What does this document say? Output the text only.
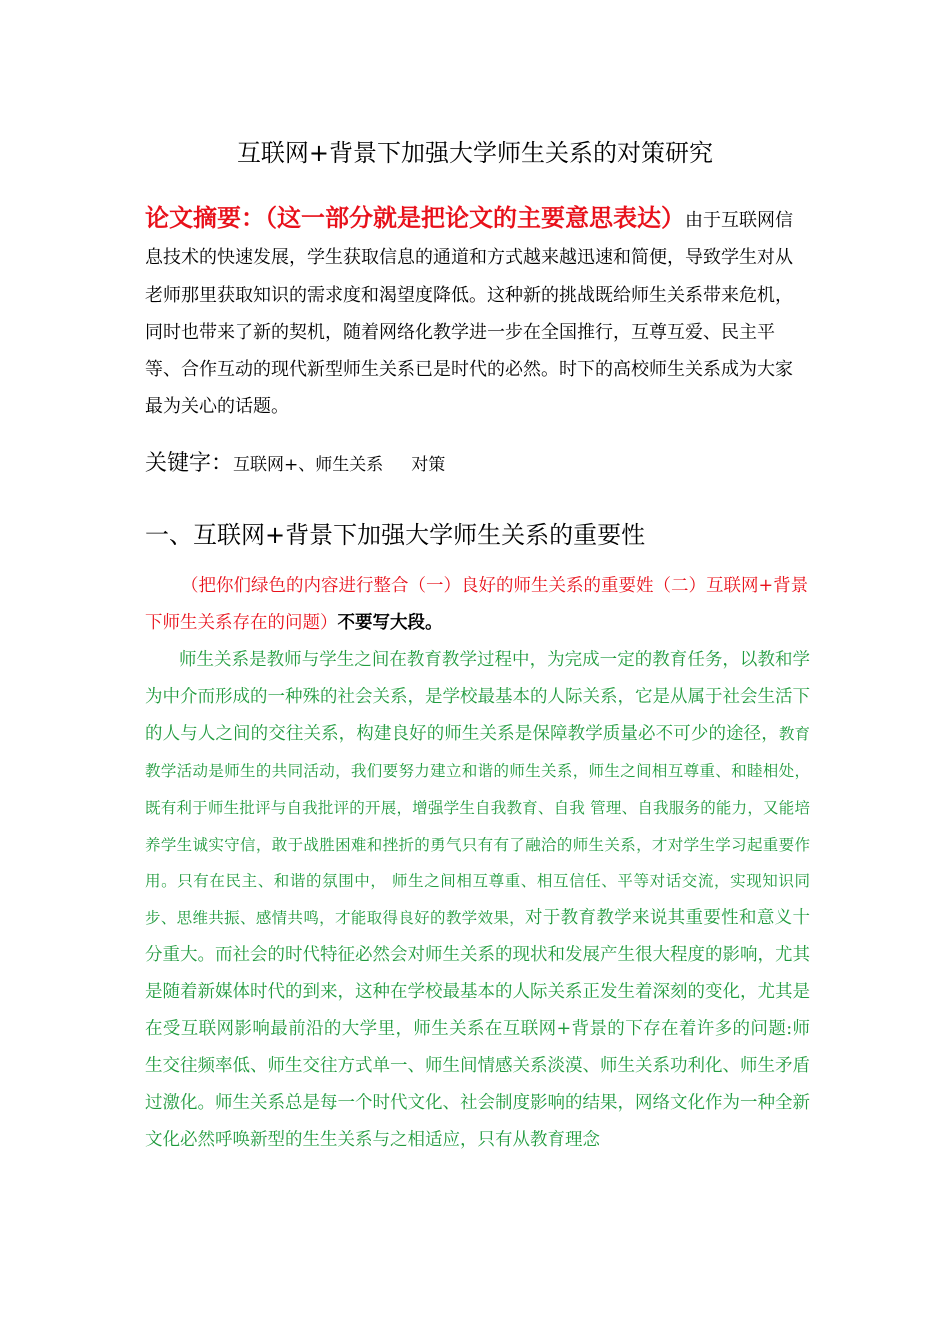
互联网+背景下加强大学师生关系的对策研究
论文摘要：（这一部分就是把论文的主要意思表达）由于互联网信息技术的快速发展，学生获取信息的通道和方式越来越迅速和简便，导致学生对从老师那里获取知识的需求度和渴望度降低。这种新的挑战既给师生关系带来危机，同时也带来了新的契机，随着网络化教学进一步在全国推行，互尊互爱、民主平等、合作互动的现代新型师生关系已是时代的必然。时下的高校师生关系成为大家最为关心的话题。
关键字：互联网+、师生关系 对策
一、互联网+背景下加强大学师生关系的重要性
（把你们绿色的内容进行整合（一）良好的师生关系的重要姓（二）互联网+背景下师生关系存在的问题）不要写大段。
师生关系是教师与学生之间在教育教学过程中，为完成一定的教育任务，以教和学为中介而形成的一种殊的社会关系，是学校最基本的人际关系，它是从属于社会生活下的人与人之间的交往关系，构建良好的师生关系是保障教学质量必不可少的途径，教育教学活动是师生的共同活动，我们要努力建立和谐的师生关系，师生之间相互尊重、和睦相处，既有利于师生批评与自我批评的开展，增强学生自我教育、自我 管理、自我服务的能力，又能培养学生诚实守信，敢于战胜困难和挫折的勇气只有有了融洽的师生关系，才对学生学习起重要作用。只有在民主、和谐的氛围中， 师生之间相互尊重、相互信任、平等对话交流，实现知识同步、思维共振、感情共鸣，才能取得良好的教学效果，对于教育教学来说其重要性和意义十分重大。而社会的时代特征必然会对师生关系的现状和发展产生很大程度的影响，尤其是随着新媒体时代的到来，这种在学校最基本的人际关系正发生着深刻的变化，尤其是在受互联网影响最前沿的大学里，师生关系在互联网+背景的下存在着许多的问题:师生交往频率低、师生交往方式单一、师生间情感关系淡漠、师生关系功利化、师生矛盾过激化。师生关系总是每一个时代文化、社会制度影响的结果，网络文化作为一种全新文化必然呼唤新型的生生关系与之相适应，只有从教育理念
